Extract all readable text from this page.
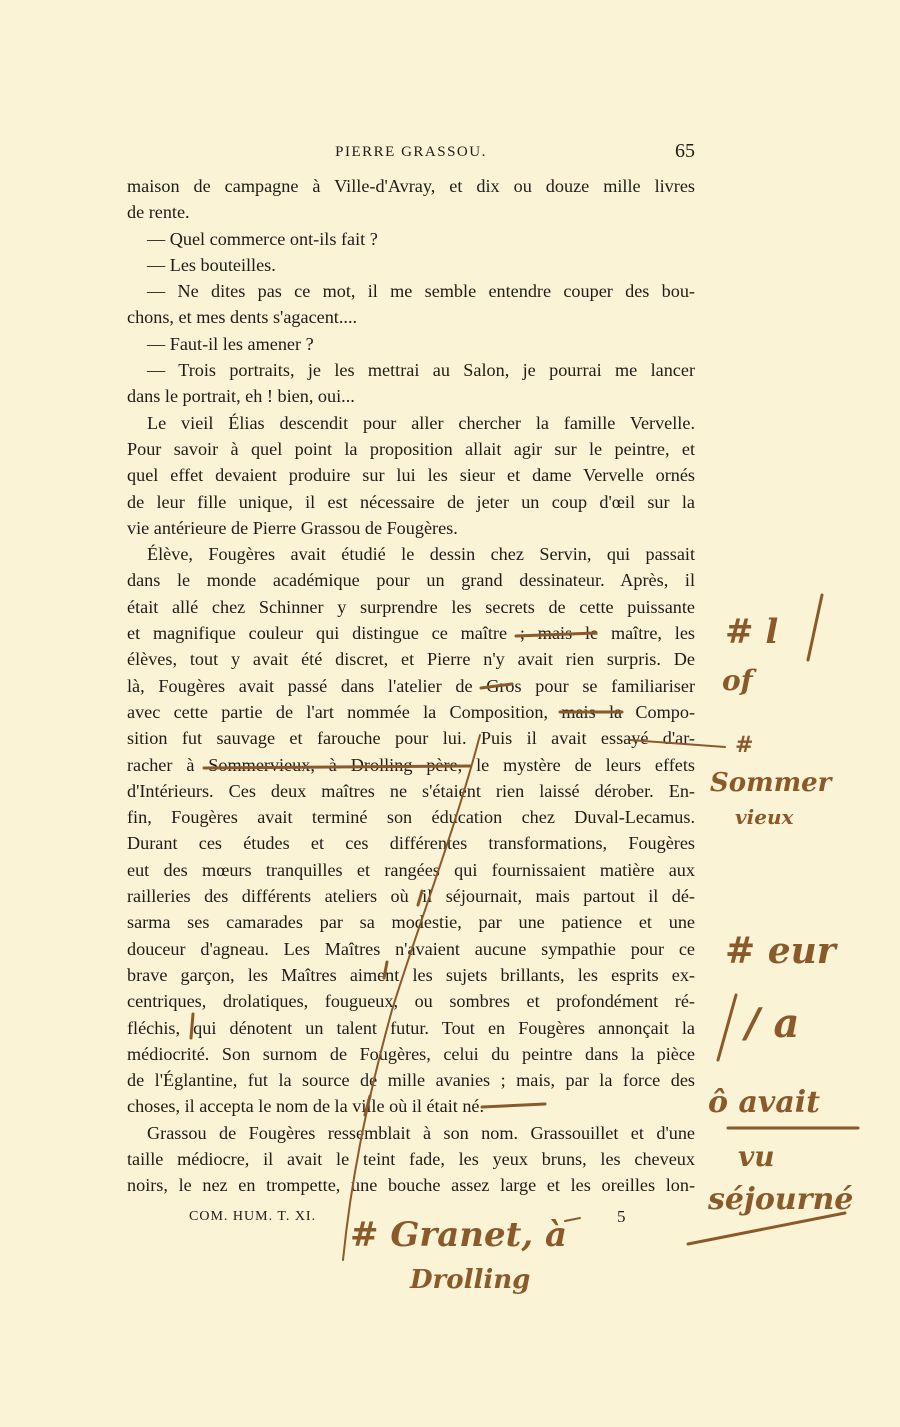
PIERRE GRASSOU.	65
maison de campagne à Ville-d'Avray, et dix ou douze mille livres
de rente.
— Quel commerce ont-ils fait ?
— Les bouteilles.
— Ne dites pas ce mot, il me semble entendre couper des bou-
chons, et mes dents s'agacent....
— Faut-il les amener ?
— Trois portraits, je les mettrai au Salon, je pourrai me lancer
dans le portrait, eh ! bien, oui...
Le vieil Élias descendit pour aller chercher la famille Vervelle.
Pour savoir à quel point la proposition allait agir sur le peintre, et
quel effet devaient produire sur lui les sieur et dame Vervelle ornés
de leur fille unique, il est nécessaire de jeter un coup d'œil sur la
vie antérieure de Pierre Grassou de Fougères.
Élève, Fougères avait étudié le dessin chez Servin, qui passait
dans le monde académique pour un grand dessinateur. Après, il
était allé chez Schinner y surprendre les secrets de cette puissante
et magnifique couleur qui distingue ce maître ; mais le maître, les
élèves, tout y avait été discret, et Pierre n'y avait rien surpris. De
là, Fougères avait passé dans l'atelier de Gros pour se familiariser
avec cette partie de l'art nommée la Composition, mais la Compo-
sition fut sauvage et farouche pour lui. Puis il avait essayé d'ar-
racher à Sommervieux, à Drolling père, le mystère de leurs effets
d'Intérieurs. Ces deux maîtres ne s'étaient rien laissé dérober. En-
fin, Fougères avait terminé son éducation chez Duval-Lecamus.
Durant ces études et ces différentes transformations, Fougères
eut des mœurs tranquilles et rangées qui fournissaient matière aux
railleries des différents ateliers où il séjournait, mais partout il dé-
sarma ses camarades par sa modestie, par une patience et une
douceur d'agneau. Les Maîtres n'avaient aucune sympathie pour ce
brave garçon, les Maîtres aiment les sujets brillants, les esprits ex-
centriques, drolatiques, fougueux, ou sombres et profondément ré-
fléchis, qui dénotent un talent futur. Tout en Fougères annonçait la
médiocrité. Son surnom de Fougères, celui du peintre dans la pièce
de l'Églantine, fut la source de mille avanies ; mais, par la force des
choses, il accepta le nom de la ville où il était né.
Grassou de Fougères ressemblait à son nom. Grassouillet et d'une
taille médiocre, il avait le teint fade, les yeux bruns, les cheveux
noirs, le nez en trompette, une bouche assez large et les oreilles lon-
COM. HUM. T. XI.	5
# l
of
#
Sommer
vieux
# eur
/ a
ô avait
vu
séjourné
# Granet, à
Drolling
